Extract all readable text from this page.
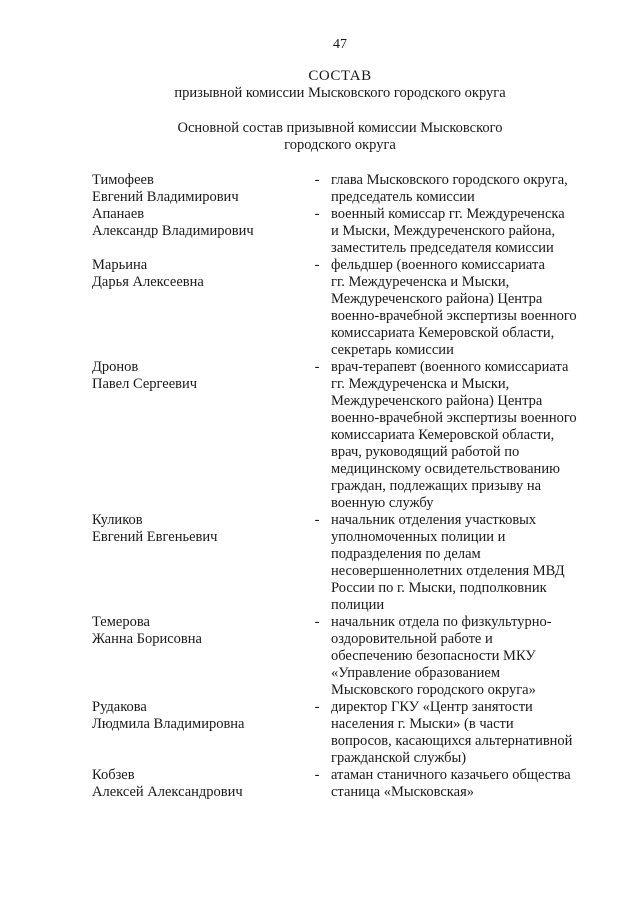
47
СОСТАВ
призывной комиссии Мысковского городского округа
Основной состав призывной комиссии Мысковского
городского округа
Тимофеев
Евгений Владимирович
- глава Мысковского городского округа,
председатель комиссии
Апанаев
Александр Владимирович
- военный комиссар гг. Междуреченска
и Мыски, Междуреченского района,
заместитель председателя комиссии
Марьина
Дарья Алексеевна
- фельдшер (военного комиссариата
гг. Междуреченска и Мыски,
Междуреченского района) Центра
военно-врачебной экспертизы военного
комиссариата Кемеровской области,
секретарь комиссии
Дронов
Павел Сергеевич
- врач-терапевт (военного комиссариата
гг. Междуреченска и Мыски,
Междуреченского района) Центра
военно-врачебной экспертизы военного
комиссариата Кемеровской области,
врач, руководящий работой по
медицинскому освидетельствованию
граждан, подлежащих призыву на
военную службу
Куликов
Евгений Евгеньевич
- начальник отделения участковых
уполномоченных полиции и
подразделения по делам
несовершеннолетних отделения МВД
России по г. Мыски, подполковник
полиции
Темерова
Жанна Борисовна
- начальник отдела по физкультурно-
оздоровительной работе и
обеспечению безопасности МКУ
«Управление образованием
Мысковского городского округа»
Рудакова
Людмила Владимировна
- директор ГКУ «Центр занятости
населения г. Мыски» (в части
вопросов, касающихся альтернативной
гражданской службы)
Кобзев
Алексей Александрович
- атаман станичного казачьего общества
станица «Мысковская»
